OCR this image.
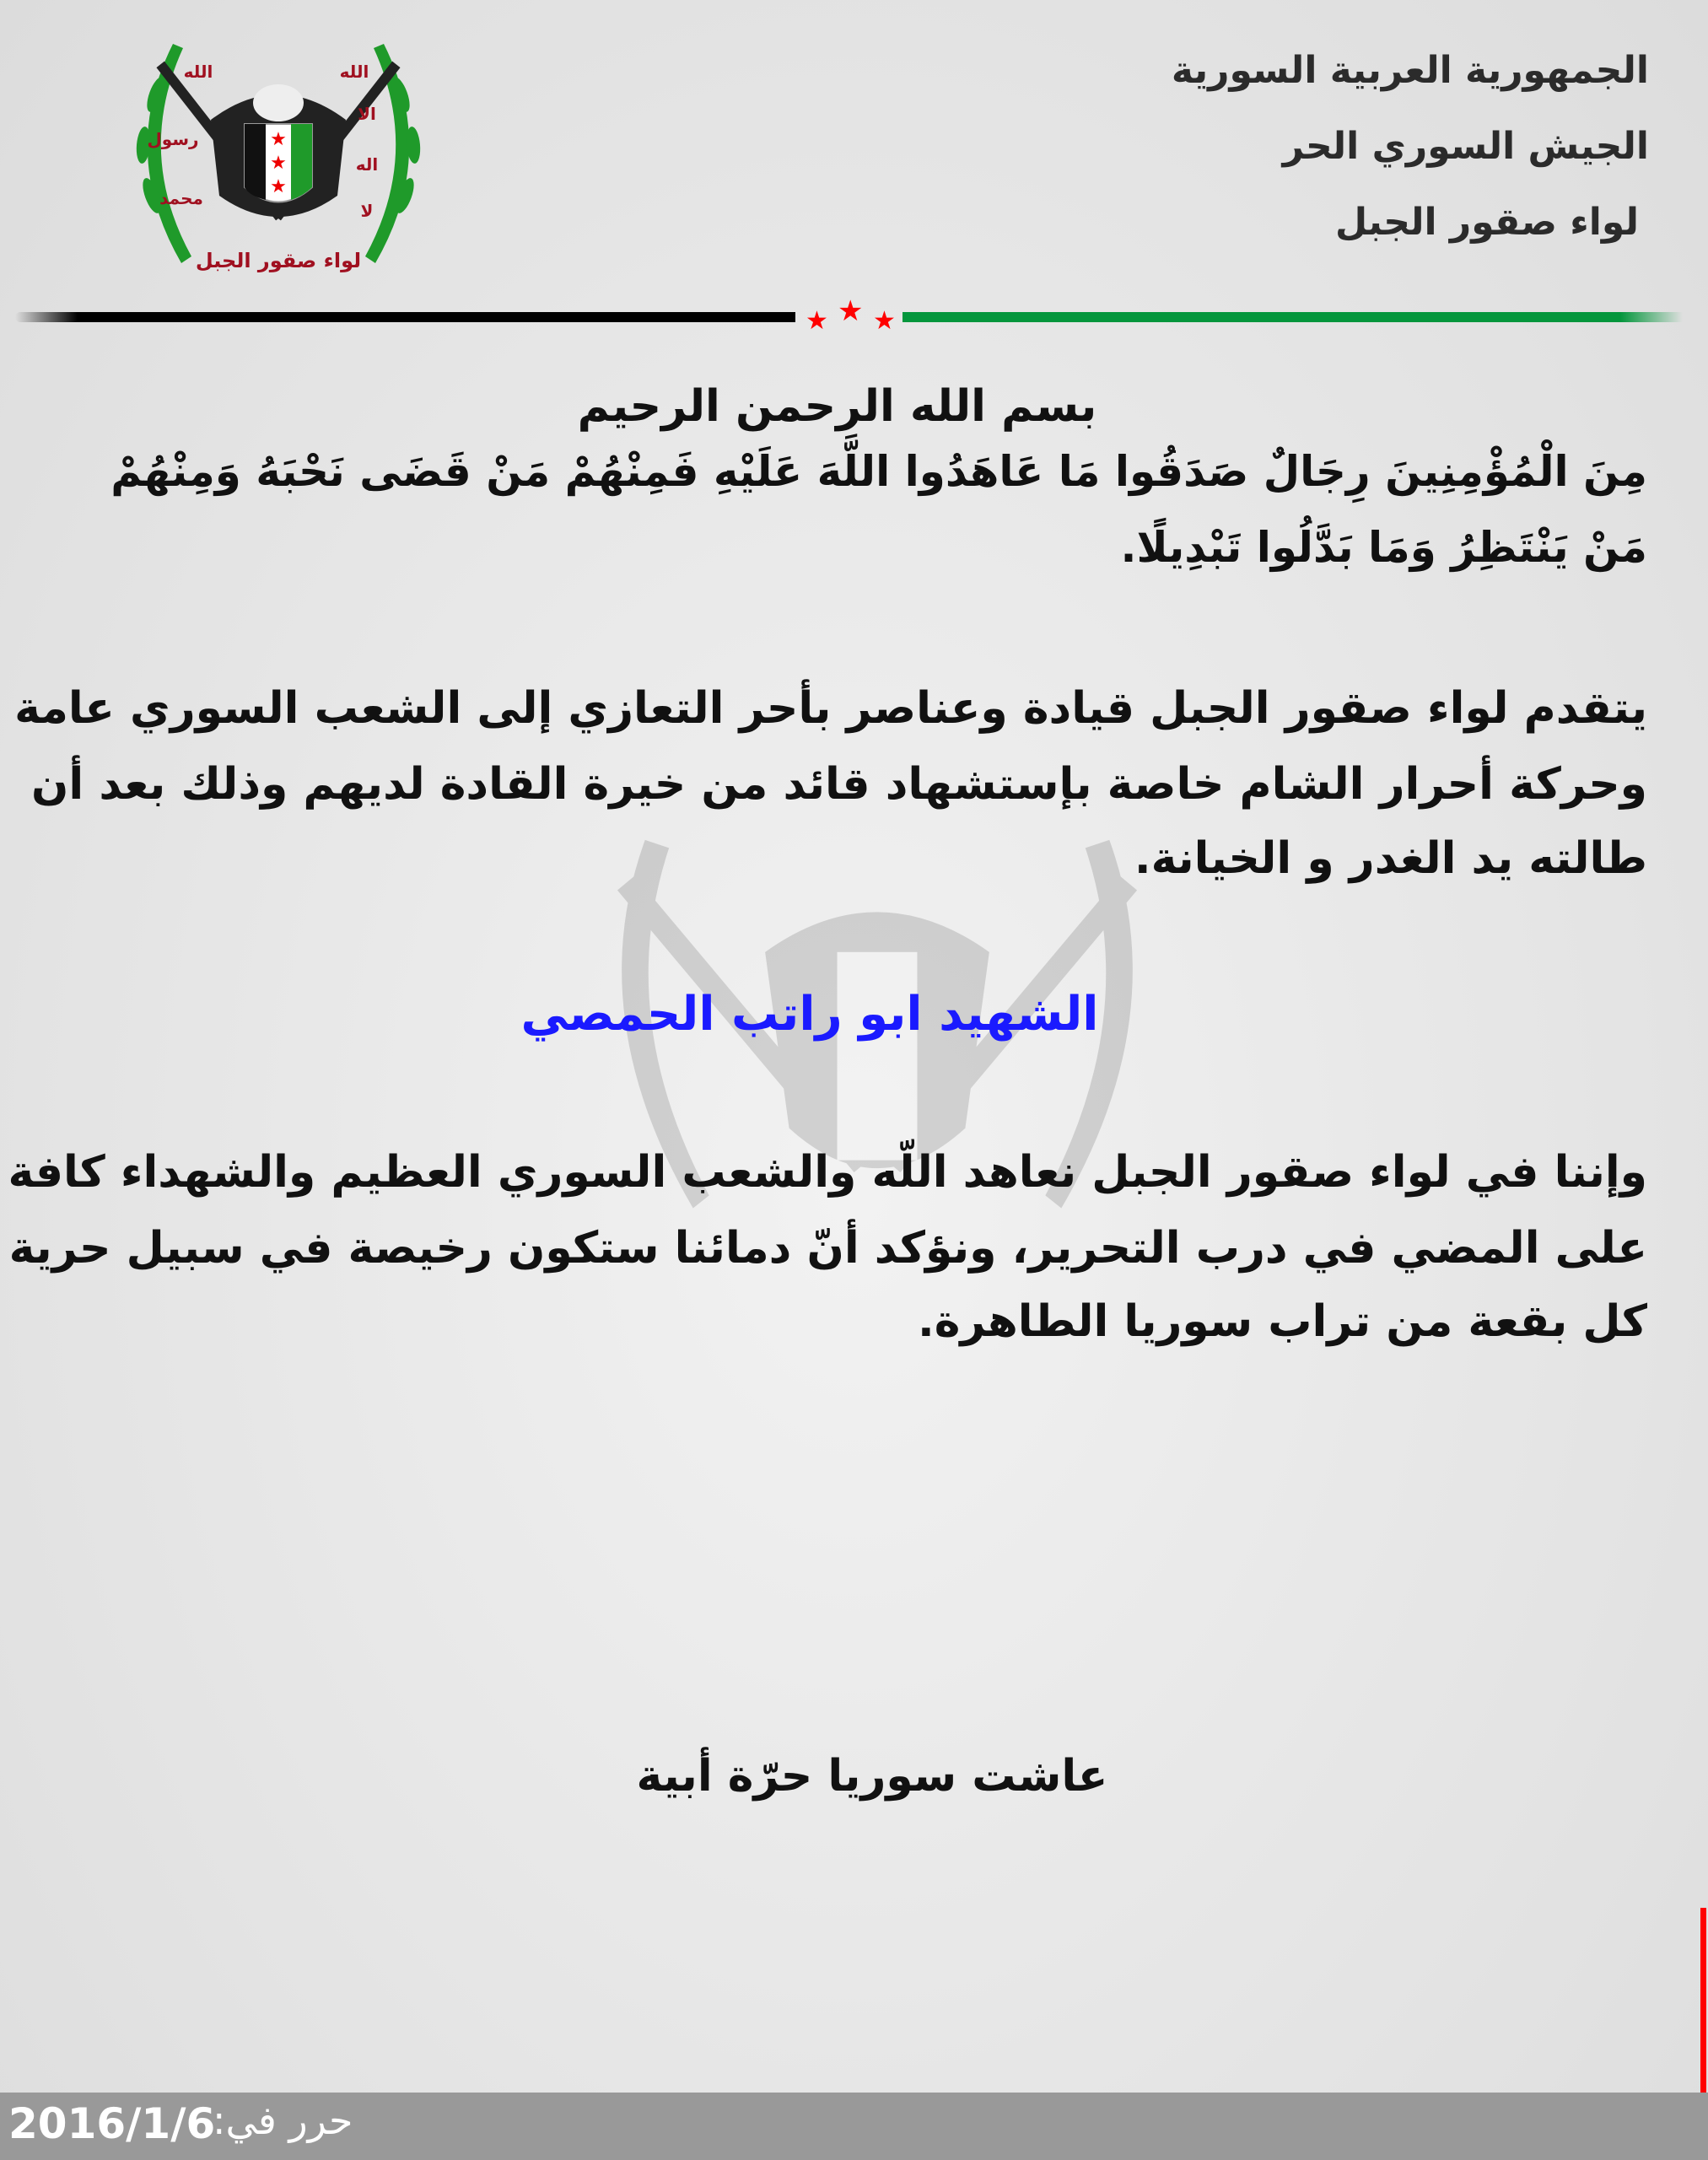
★
★
★
الله	الله
رسول
الا
اله
محمد
لا
لواء صقور الجبل
الجمهورية العربية السورية
الجيش السوري الحر
لواء صقور الجبل
★ ★ ★
بسم الله الرحمن الرحيم
مِنَ الْمُؤْمِنِينَ رِجَالٌ صَدَقُوا مَا عَاهَدُوا اللَّهَ عَلَيْهِ فَمِنْهُمْ مَنْ قَضَى نَحْبَهُ وَمِنْهُمْ
مَنْ يَنْتَظِرُ وَمَا بَدَّلُوا تَبْدِيلًا.
يتقدم لواء صقور الجبل قيادة وعناصر بأحر التعازي إلى الشعب السوري عامة
وحركة أحرار الشام خاصة بإستشهاد قائد من خيرة القادة لديهم وذلك بعد أن
طالته يد الغدر و الخيانة.
الشهيد ابو راتب الحمصي
وإننا في لواء صقور الجبل نعاهد اللّه والشعب السوري العظيم والشهداء كافة
على المضي في درب التحرير، ونؤكد أنّ دمائنا ستكون رخيصة في سبيل حرية
كل بقعة من تراب سوريا الطاهرة.
عاشت سوريا حرّة أبية
2016/1/6
حرر في:
